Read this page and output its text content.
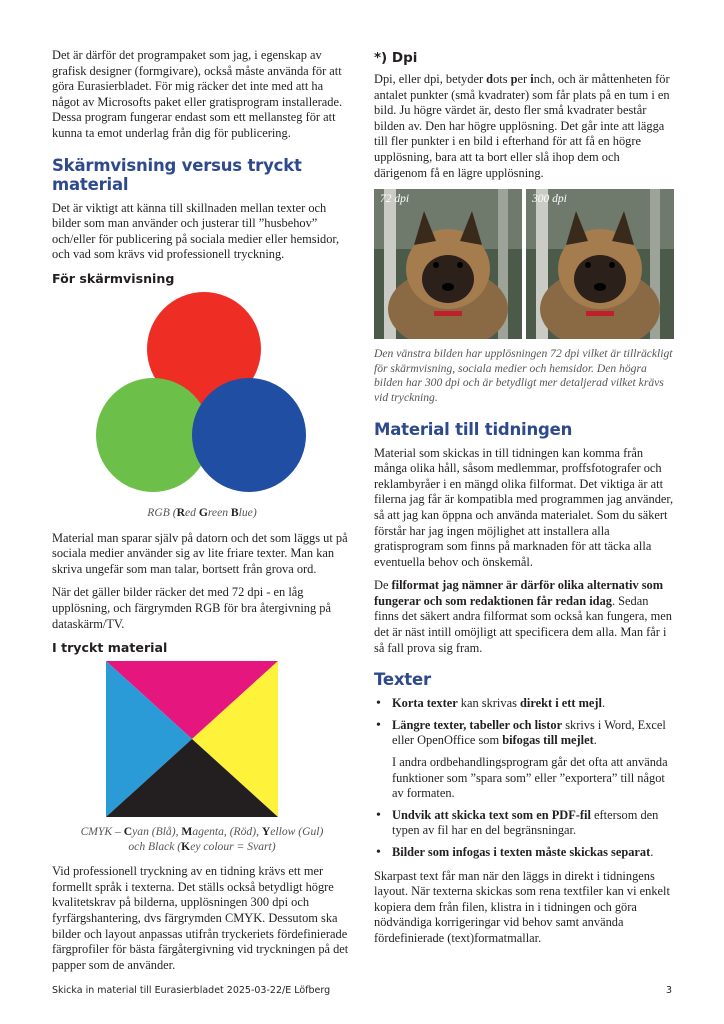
Det är därför det programpaket som jag, i egenskap av grafisk designer (formgivare), också måste använda för att göra Eurasierbladet. För mig räcker det inte med att ha något av Microsofts paket eller gratisprogram installerade. Dessa program fungerar endast som ett mellansteg för att kunna ta emot underlag från dig för publicering.

Skärmvisning versus tryckt material

Det är viktigt att känna till skillnaden mellan texter och bilder som man använder och justerar till ”husbehov” och/eller för publicering på sociala medier eller hemsidor, och vad som krävs vid professionell tryckning.

För skärmvisning

RGB (Red Green Blue)

Material man sparar själv på datorn och det som läggs ut på sociala medier använder sig av lite friare texter. Man kan skriva ungefär som man talar, bortsett från grova ord.

När det gäller bilder räcker det med 72 dpi - en låg upplösning, och färgrymden RGB för bra återgivning på dataskärm/TV.

I tryckt material

CMYK – Cyan (Blå), Magenta, (Röd), Yellow (Gul)
och Black (Key colour = Svart)

Vid professionell tryckning av en tidning krävs ett mer formellt språk i texterna. Det ställs också betydligt högre kvalitetskrav på bilderna, upplösningen 300 dpi och fyrfärgshantering, dvs färgrymden CMYK. Dessutom ska bilder och layout anpassas utifrån tryckeriets fördefinierade färgprofiler för bästa färgåtergivning vid tryckningen på det papper som de använder.

*) Dpi

Dpi, eller dpi, betyder dots per inch, och är måttenheten för antalet punkter (små kvadrater) som får plats på en tum i en bild. Ju högre värdet är, desto fler små kvadrater består bilden av. Den har högre upplösning. Det går inte att lägga till fler punkter i en bild i efterhand för att få en högre upplösning, bara att ta bort eller slå ihop dem och därigenom få en lägre upplösning.

72 dpi	300 dpi

Den vänstra bilden har upplösningen 72 dpi vilket är tillräckligt för skärmvisning, sociala medier och hemsidor. Den högra bilden har 300 dpi och är betydligt mer detaljerad vilket krävs vid tryckning.

Material till tidningen

Material som skickas in till tidningen kan komma från många olika håll, såsom medlemmar, proffsfotografer och reklambyråer i en mängd olika filformat. Det viktiga är att filerna jag får är kompatibla med programmen jag använder, så att jag kan öppna och använda materialet. Som du säkert förstår har jag ingen möjlighet att installera alla gratisprogram som finns på marknaden för att täcka alla eventuella behov och önskemål.

De filformat jag nämner är därför olika alternativ som fungerar och som redaktionen får redan idag. Sedan finns det säkert andra filformat som också kan fungera, men det är näst intill omöjligt att specificera dem alla. Man får i så fall prova sig fram.

Texter
• Korta texter kan skrivas direkt i ett mejl.
• Längre texter, tabeller och listor skrivs i Word, Excel eller OpenOffice som bifogas till mejlet.
I andra ordbehandlingsprogram går det ofta att använda funktioner som ”spara som” eller ”exportera” till något av formaten.
• Undvik att skicka text som en PDF-fil eftersom den typen av fil har en del begränsningar.
• Bilder som infogas i texten måste skickas separat.

Skarpast text får man när den läggs in direkt i tidningens layout. När texterna skickas som rena textfiler kan vi enkelt kopiera dem från filen, klistra in i tidningen och göra nödvändiga korrigeringar vid behov samt använda fördefinierade (text)formatmallar.

Skicka in material till Eurasierbladet 2025-03-22/E Löfberg	3
